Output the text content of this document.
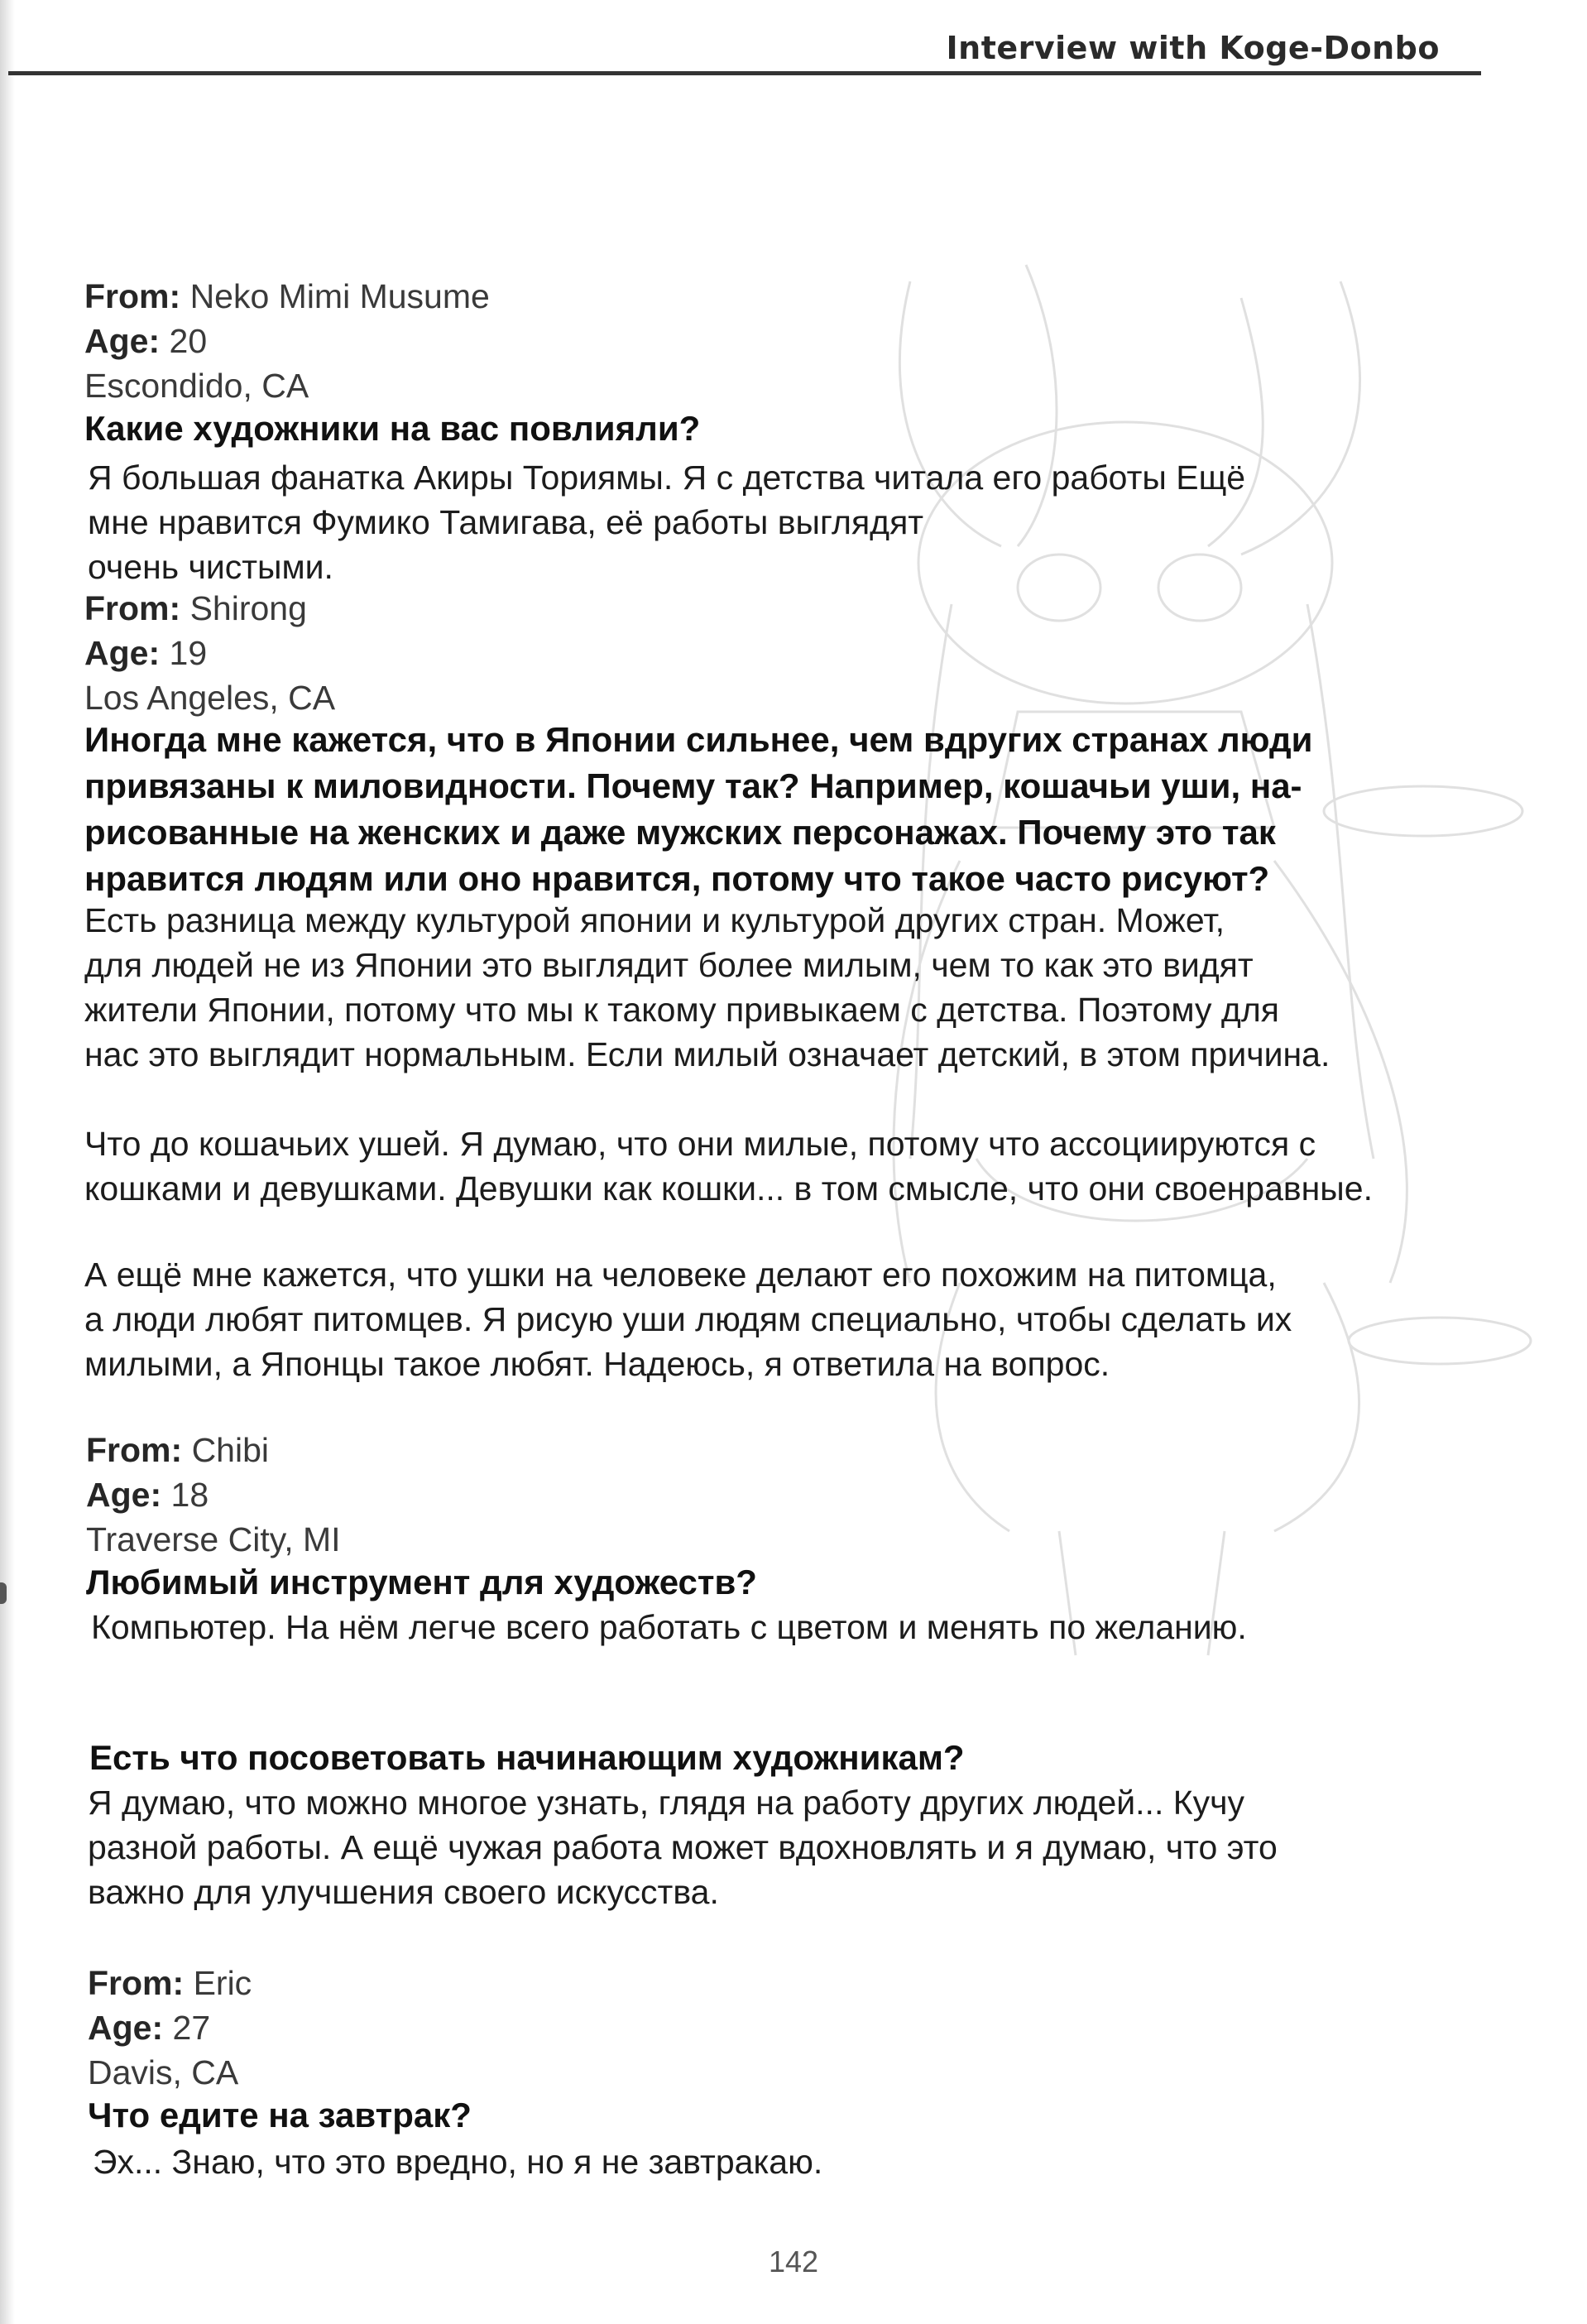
Interview with Koge-Donbo
From: Neko Mimi Musume
Age: 20
Escondido, CA
Какие художники на вас повлияли?
Я большая фанатка Акиры Ториямы. Я с детства читала его работы Ещё
мне нравится Фумико Тамигава, её работы выглядят
очень чистыми.
From: Shirong
Age: 19
Los Angeles, CA
Иногда мне кажется, что в Японии сильнее, чем вдругих странах люди
привязаны к миловидности. Почему так? Например, кошачьи уши, на-
рисованные на женских и даже мужских персонажах. Почему это так
нравится людям или оно нравится, потому что такое часто рисуют?
Есть разница между культурой японии и культурой других стран. Может,
для людей не из Японии это выглядит более милым, чем то как это видят
жители Японии, потому что мы к такому привыкаем с детства. Поэтому для
нас это выглядит нормальным. Если милый означает детский, в этом причина.
Что до кошачьих ушей. Я думаю, что они милые, потому что ассоциируются с
кошками и девушками. Девушки как кошки... в том смысле, что они своенравные.
А ещё мне кажется, что ушки на человеке делают его похожим на питомца,
а люди любят питомцев. Я рисую уши людям специально, чтобы сделать их
милыми, а Японцы такое любят. Надеюсь, я ответила на вопрос.
From: Chibi
Age: 18
Traverse City, MI
Любимый инструмент для художеств?
Компьютер. На нём легче всего работать с цветом и менять по желанию.
Есть что посоветовать начинающим художникам?
Я думаю, что можно многое узнать, глядя на работу других людей... Кучу
разной работы. А ещё чужая работа может вдохновлять и я думаю, что это
важно для улучшения своего искусства.
From: Eric
Age: 27
Davis, CA
Что едите на завтрак?
Эх... Знаю, что это вредно, но я не завтракаю.
142
